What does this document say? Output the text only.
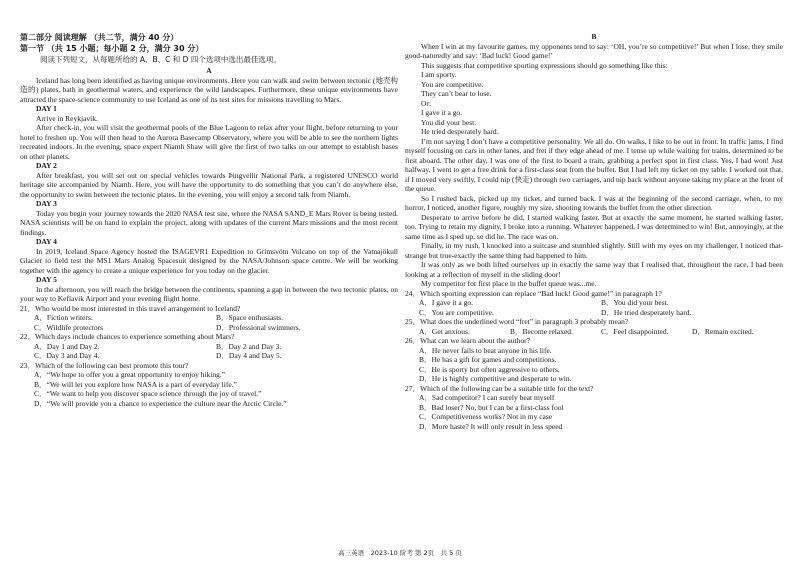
第二部分 阅读理解 （共二节，满分 40 分）
第一节 （共 15 小题；每小题 2 分，满分 30 分）
阅读下列短文，从每题所给的 A、B、C 和 D 四个选项中选出最佳选项。

A

Iceland has long been identified as having unique environments. Here you can walk and swim between tectonic (地壳构造的) plates, bath in geothermal waters, and experience the wild landscapes. Furthermore, these unique environments have attracted the space-science community to use Iceland as one of its test sites for missions travelling to Mars.

DAY 1

Arrive in Reykjavik.

After check-in, you will visit the geothermal pools of the Blue Lagoon to relax after your flight, before returning to your hotel to freshen up. You will then head to the Aurora Basecamp Observatory, where you will be able to see the northern lights recreated indoors. In the evening, space expert Niamh Shaw will give the first of two talks on our attempt to establish bases on other planets.

DAY 2

After breakfast, you will set out on special vehicles towards Þingvellir National Park, a registered UNESCO world heritage site accompanied by Niamh. Here, you will have the opportunity to do something that you can’t do anywhere else, the opportunity to swim between the tectonic plates. In the evening, you will enjoy a second talk from Niamh.

DAY 3

Today you begin your journey towards the 2020 NASA test site, where the NASA SAND_E Mars Rover is being tested. NASA scientists will be on hand to explain the project, along with updates of the current Mars missions and the most recent findings.

DAY 4

In 2019, Iceland Space Agency hosted the ISAGEVR1 Expedition to Grimsvötn Volcano on top of the Vatnajökull Glacier to field test the MS1 Mars Analog Spacesuit designed by the NASA/Johnson space centre. We will be working together with the agency to create a unique experience for you today on the glacier.

DAY 5

In the afternoon, you will reach the bridge between the continents, spanning a gap in between the two tectonic plates, on your way to Keflavik Airport and your evening flight home.

21．Who would be most interested in this travel arrangement to Iceland?

A．Fiction writers.	B．Space enthusiasts.
C．Wildlife protectors	D．Professional swimmers.

22．Which days include chances to experience something about Mars?

A．Day 1 and Day 2.	B．Day 2 and Day 3.
C．Day 3 and Day 4.	D．Day 4 and Day 5.

23．Which of the following can best promote this tour?

A．“We hope to offer you a great opportunity to enjoy hiking.”

B．“We will let you explore how NASA is a part of everyday life.”

C．“We want to help you discover space science through the joy of travel.”

D．“We will provide you a chance to experience the culture near the Arctic Circle.”

B

When I win at my favourite games, my opponents tend to say: ‘OH, you’re so competitive!’ But when I lose, they smile good-naturedly and say: ‘Bad luck! Good game!’

This suggests that competitive sporting expressions should go something like this:

I am sporty.

You are competitive.

They can’t bear to lose.

Or:

I gave it a go.

You did your best.

He tried desperately hard.

I’m not saying I don’t have a competitive personality. We all do. On walks, I like to be out in front. In traffic jams, I find myself focusing on cars in other lanes, and fret if they edge ahead of me. I tense up while waiting for trains, determined to be first aboard. The other day, I was one of the first to board a train, grabbing a perfect spot in first class. Yes, I had won! Just halfway, I went to get a free drink for a first-class seat from the buffet. But I had left my ticket on my table. I worked out that, if I moved very swiftly, I could nip (快走) through two carriages, and nip back without anyone taking my place at the front of the queue.

So I rushed back, picked up my ticket, and turned back. I was at the beginning of the second carriage, when, to my horror, I noticed, another figure, roughly my size, shooting towards the buffet from the other direction.

Desperate to arrive before he did, I started walking faster. But at exactly the same moment, he started walking faster, too. Trying to retain my dignity, I broke into a running. Whatever happened, I was determined to win! But, annoyingly, at the same time as I sped up, so did he. The race was on.

Finally, in my rush, I knocked into a suitcase and stumbled slightly. Still with my eyes on my challenger, I noticed that-strange but true-exactly the same thing had happened to him.

It was only as we both lifted ourselves up in exactly the same way that I realised that, throughout the race, I had been looking at a reflection of myself in the sliding door!

My competitor for first place in the buffet queue was...me.

24．Which sporting expression can replace “Bad luck! Good game!” in paragraph 1?

A．I gave it a go.	B．You did your best.
C．You are competitive.	D．He tried desperately hard.

25．What does the underlined word “fret” in paragraph 3 probably mean?

A．Get anxious.	B．Become relaxed.	C．Feel disappointed.	D．Remain excited.

26．What can we learn about the author?

A．He never fails to beat anyone in his life.

B．He has a gift for games and competitions.

C．He is sporty but often aggressive to others.

D．He is highly competitive and desperate to win.

27．Which of the following can be a suitable title for the text?

A．Sad competitor? I can surely beat myself

B．Bad loser? No, but I can be a first-class fool

C．Competitiveness works? Not in my case

D．More haste? It will only result in less speed

高三英语　2023-10 阶考 第 2页　共 5 页
